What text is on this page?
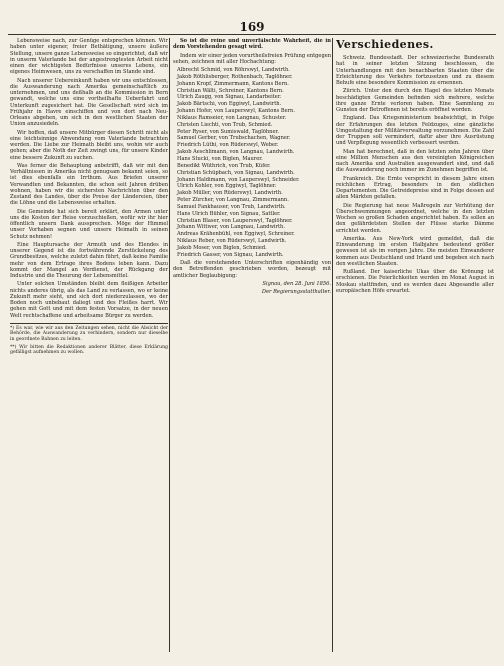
169

Lebensweise nach, zur Genüge entsprechen können. Wir haben unter eigener, freier Bethätigung, unsere äußere Stellung, unsere ganze Lebensweise so eingerichtet, daß wir in unserm Vaterlande bei der angestrengtesten Arbeit nicht einen der wichtigsten Bedürfnisse unseres Lebens, ein eigenes Heimwesen, uns zu verschaffen im Stande sind.

Nach unserer Uebereinkunft haben wir uns entschlossen, die Auswanderung nach Amerika gemeinschaftlich zu unternehmen, und uns deßhalb an die Kommission in Bern gewandt, welche uns eine vortheilhafte Ueberfahrt und Unterkunft zugesichert hat. Die Gesellschaft wird sich im Frühjahr in Havre einschiffen und von dort nach Neu-Orleans abgehen, um sich in den westlichen Staaten der Union anzusiedeln.

Wir hoffen, daß unsere Mitbürger diesen Schritt nicht als eine leichtsinnige Abwendung vom Vaterlande betrachten werden. Die Liebe zur Heimath bleibt uns, wohin wir auch gehen; aber die Noth der Zeit zwingt uns, für unsere Kinder eine bessere Zukunft zu suchen.

Was ferner die Behauptung anbetrifft, daß wir mit den Verhältnissen in Amerika nicht genugsam bekannt seien, so ist dies ebenfalls ein Irrthum. Aus Briefen unserer Verwandten und Bekannten, die schon seit Jahren drüben wohnen, haben wir die sichersten Nachrichten über den Zustand des Landes, über die Preise der Ländereien, über die Löhne und die Lebensweise erhalten.

Die Gemeinde hat sich bereit erklärt, den Armen unter uns die Kosten der Reise vorzuschießen, wofür wir ihr hier öffentlich unsern Dank aussprechen. Möge der Himmel unser Vorhaben segnen und unsere Heimath in seinen Schutz nehmen!

Eine Hauptursache der Armuth und des Elendes in unserer Gegend ist die fortwährende Zerstückelung des Grundbesitzes, welche zuletzt dahin führt, daß keine Familie mehr von dem Ertrage ihres Bodens leben kann. Dazu kommt der Mangel an Verdienst, der Rückgang der Industrie und die Theurung der Lebensmittel.

Unter solchen Umständen bleibt dem fleißigen Arbeiter nichts anderes übrig, als das Land zu verlassen, wo er keine Zukunft mehr sieht, und sich dort niederzulassen, wo der Boden noch unbebaut daliegt und des Fleißes harrt. Wir gehen mit Gott und mit dem festen Vorsatze, in der neuen Welt rechtschaffene und arbeitsame Bürger zu werden.

*) Es war, wie wir aus den Zeitungen sehen, nicht die Absicht der Behörde, die Auswanderung zu verhindern, sondern nur dieselbe in geordnete Bahnen zu leiten.

**) Wir bitten die Redaktionen anderer Blätter, diese Erklärung gefälligst aufnehmen zu wollen.

So ist die reine und unverfälschte Wahrheit, die in dem Vorstehenden gesagt wird.

Indem wir einer jeden vorurtheilsfreien Prüfung entgegen sehen, zeichnen mit aller Hochachtung:

Albrecht Schmid, von Röhrswyl, Landwirth.
Jakob Röthlisberger, Rothenbach, Taglöhner.
Johann Kropf, Zimmermann, Kantons Bern.
Christian Wälti, Schreiner, Kantons Bern.
Ulrich Zaugg, von Signau, Landarbeiter.
Jakob Bärtschi, von Eggiwyl, Landwirth.
Johann Hofer, von Lauperswyl, Kantons Bern.
Niklaus Ramseier, von Langnau, Schuster.
Christen Liechti, von Trub, Schmied.
Peter Ryser, von Sumiswald, Taglöhner.
Samuel Gerber, von Trubschachen, Wagner.
Friedrich Lüthi, von Rüderswyl, Weber.
Jakob Aeschlimann, von Langnau, Landwirth.
Hans Stucki, von Biglen, Maurer.
Benedikt Wüthrich, von Trub, Küfer.
Christian Schüpbach, von Signau, Landwirth.
Johann Haldimann, von Lauperswyl, Schneider.
Ulrich Kohler, von Eggiwyl, Taglöhner.
Jakob Müller, von Rüderswyl, Landwirth.
Peter Zürcher, von Langnau, Zimmermann.
Samuel Fankhauser, von Trub, Landwirth.
Hans Ulrich Bühler, von Signau, Sattler.
Christian Blaser, von Lauperswyl, Taglöhner.
Johann Wittwer, von Langnau, Landwirth.
Andreas Krähenbühl, von Eggiwyl, Schreiner.
Niklaus Reber, von Rüderswyl, Landwirth.
Jakob Moser, von Biglen, Schmied.
Friedrich Gasser, von Signau, Landwirth.

Daß die vorstehenden Unterschriften eigenhändig von den Betreffenden geschrieben worden, bezeugt mit amtlicher Beglaubigung:

Signau, den 28. Juni 1856.

Der Regierungsstatthalter.

Verschiedenes.

Schweiz. Bundesstadt. Der schweizerische Bundesrath hat in seiner letzten Sitzung beschlossen, die Unterhandlungen mit den benachbarten Staaten über die Erleichterung des Verkehrs fortzusetzen und zu diesem Behufe eine besondere Kommission zu ernennen.

Zürich. Unter den durch den Hagel des letzten Monats beschädigten Gemeinden befinden sich mehrere, welche ihre ganze Ernte verloren haben. Eine Sammlung zu Gunsten der Betroffenen ist bereits eröffnet worden.

England. Das Kriegsministerium beabsichtigt, in Folge der Erfahrungen des letzten Feldzuges, eine gänzliche Umgestaltung der Militärverwaltung vorzunehmen. Die Zahl der Truppen soll vermindert, dafür aber ihre Ausrüstung und Verpflegung wesentlich verbessert werden.

Man hat berechnet, daß in den letzten zehn Jahren über eine Million Menschen aus den vereinigten Königreichen nach Amerika und Australien ausgewandert sind, und daß die Auswanderung noch immer im Zunehmen begriffen ist.

Frankreich. Die Ernte verspricht in diesem Jahre einen reichlichen Ertrag, besonders in den südlichen Departementen. Die Getreidepreise sind in Folge dessen auf allen Märkten gefallen.

Die Regierung hat neue Maßregeln zur Verhütung der Überschwemmungen angeordnet, welche in den letzten Wochen so großen Schaden angerichtet haben. Es sollen an den gefährdetsten Stellen der Flüsse starke Dämme errichtet werden.

Amerika. Aus New-York wird gemeldet, daß die Einwanderung im ersten Halbjahre bedeutend größer gewesen ist als im vorigen Jahre. Die meisten Einwanderer kommen aus Deutschland und Irland und begeben sich nach den westlichen Staaten.

Rußland. Der kaiserliche Ukas über die Krönung ist erschienen. Die Feierlichkeiten werden im Monat August in Moskau stattfinden, und es werden dazu Abgesandte aller europäischen Höfe erwartet.
